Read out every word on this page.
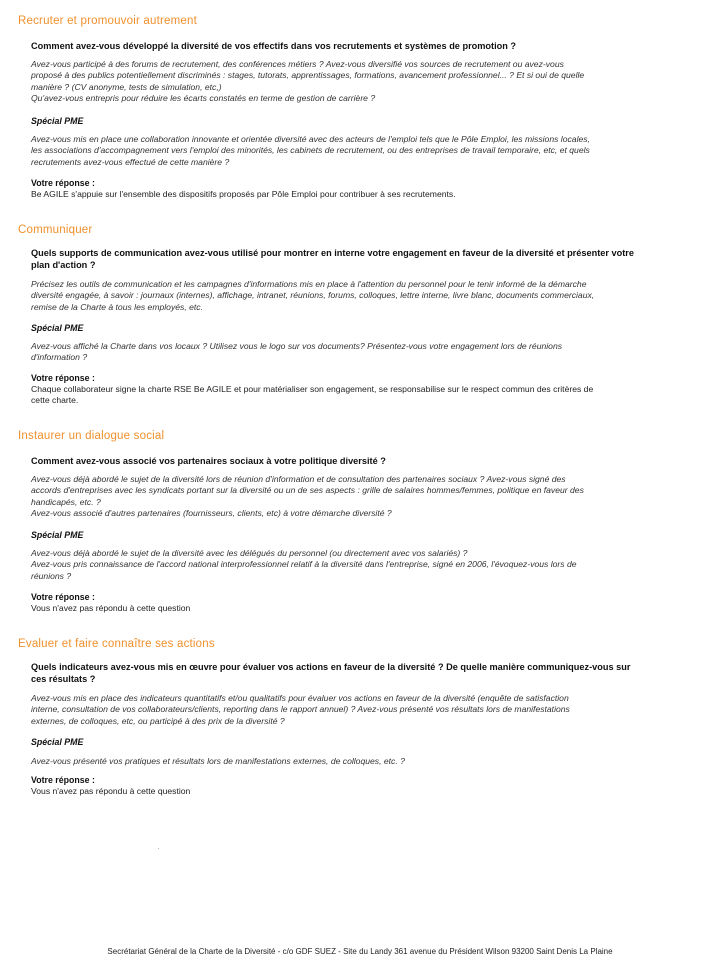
Recruter et promouvoir autrement

Comment avez-vous développé la diversité de vos effectifs dans vos recrutements et systèmes de promotion ?

Avez-vous participé à des forums de recrutement, des conférences métiers ? Avez-vous diversifié vos sources de recrutement ou avez-vous
proposé à des publics potentiellement discriminés : stages, tutorats, apprentissages, formations, avancement professionnel... ? Et si oui de quelle
manière ? (CV anonyme, tests de simulation, etc,)
Qu'avez-vous entrepris pour réduire les écarts constatés en terme de gestion de carrière ?

Spécial PME

Avez-vous mis en place une collaboration innovante et orientée diversité avec des acteurs de l'emploi tels que le Pôle Emploi, les missions locales,
les associations d'accompagnement vers l'emploi des minorités, les cabinets de recrutement, ou des entreprises de travail temporaire, etc, et quels
recrutements avez-vous effectué de cette manière ?

Votre réponse :

Be AGILE s'appuie sur l'ensemble des dispositifs proposés par Pôle Emploi pour contribuer à ses recrutements.
Communiquer
Quels supports de communication avez-vous utilisé pour montrer en interne votre engagement en faveur de la diversité et présenter votre
plan d'action ?
Précisez les outils de communication et les campagnes d'informations mis en place à l'attention du personnel pour le tenir informé de la démarche
diversité engagée, à savoir : journaux (internes), affichage, intranet, réunions, forums, colloques, lettre interne, livre blanc, documents commerciaux,
remise de la Charte à tous les employés, etc.

Spécial PME

Avez-vous affiché la Charte dans vos locaux ? Utilisez vous le logo sur vos documents? Présentez-vous votre engagement lors de réunions
d'information ?

Votre réponse :

Chaque collaborateur signe la charte RSE Be AGILE et pour matérialiser son engagement, se responsabilise sur le respect commun des critères de
cette charte.
Instaurer un dialogue social

Comment avez-vous associé vos partenaires sociaux à votre politique diversité ?

Avez-vous déjà abordé le sujet de la diversité lors de réunion d'information et de consultation des partenaires sociaux ? Avez-vous signé des
accords d'entreprises avec les syndicats portant sur la diversité ou un de ses aspects : grille de salaires hommes/femmes, politique en faveur des
handicapés, etc. ?
Avez-vous associé d'autres partenaires (fournisseurs, clients, etc) à votre démarche diversité ?

Spécial PME

Avez-vous déjà abordé le sujet de la diversité avec les délégués du personnel (ou directement avec vos salariés) ?
Avez-vous pris connaissance de l'accord national interprofessionnel relatif à la diversité dans l'entreprise, signé en 2006, l'évoquez-vous lors de
réunions ?

Votre réponse :

Vous n'avez pas répondu à cette question
Evaluer et faire connaître ses actions
Quels indicateurs avez-vous mis en œuvre pour évaluer vos actions en faveur de la diversité ? De quelle manière communiquez-vous sur
ces résultats ?
Avez-vous mis en place des indicateurs quantitatifs et/ou qualitatifs pour évaluer vos actions en faveur de la diversité (enquête de satisfaction
interne, consultation de vos collaborateurs/clients, reporting dans le rapport annuel) ? Avez-vous présenté vos résultats lors de manifestations
externes, de colloques, etc, ou participé à des prix de la diversité ?

Spécial PME

Avez-vous présenté vos pratiques et résultats lors de manifestations externes, de colloques, etc. ?

Votre réponse :

Vous n'avez pas répondu à cette question

Secrétariat Général de la Charte de la Diversité - c/o GDF SUEZ - Site du Landy 361 avenue du Président Wilson 93200 Saint Denis La Plaine
